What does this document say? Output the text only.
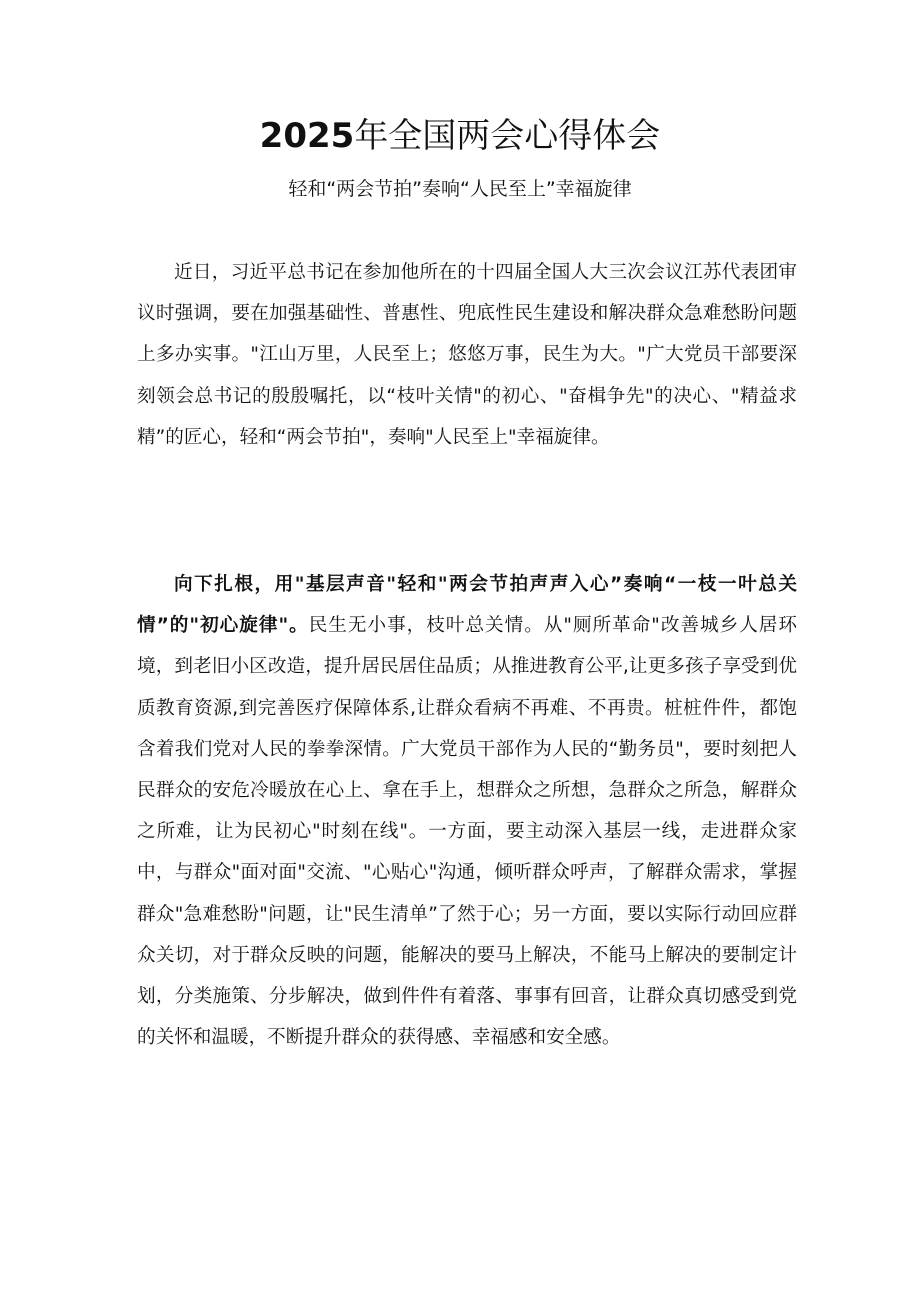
2025年全国两会心得体会

轻和“两会节拍”奏响“人民至上”幸福旋律

近日，习近平总书记在参加他所在的十四届全国人大三次会议江苏代表团审议时强调，要在加强基础性、普惠性、兜底性民生建设和解决群众急难愁盼问题上多办实事。"江山万里，人民至上；悠悠万事，民生为大。"广大党员干部要深刻领会总书记的殷殷嘱托，以“枝叶关情"的初心、"奋楫争先"的决心、"精益求精”的匠心，轻和“两会节拍"，奏响"人民至上"幸福旋律。

向下扎根，用"基层声音"轻和"两会节拍声声入心”奏响“一枝一叶总关情”的"初心旋律"。民生无小事，枝叶总关情。从"厕所革命"改善城乡人居环境，到老旧小区改造，提升居民居住品质；从推进教育公平,让更多孩子享受到优质教育资源,到完善医疗保障体系,让群众看病不再难、不再贵。桩桩件件，都饱含着我们党对人民的拳拳深情。广大党员干部作为人民的“勤务员"，要时刻把人民群众的安危冷暖放在心上、拿在手上，想群众之所想，急群众之所急，解群众之所难，让为民初心"时刻在线"。一方面，要主动深入基层一线，走进群众家中，与群众"面对面"交流、"心贴心"沟通，倾听群众呼声，了解群众需求，掌握群众"急难愁盼"问题，让"民生清单”了然于心；另一方面，要以实际行动回应群众关切，对于群众反映的问题，能解决的要马上解决，不能马上解决的要制定计划，分类施策、分步解决，做到件件有着落、事事有回音，让群众真切感受到党的关怀和温暖，不断提升群众的获得感、幸福感和安全感。
